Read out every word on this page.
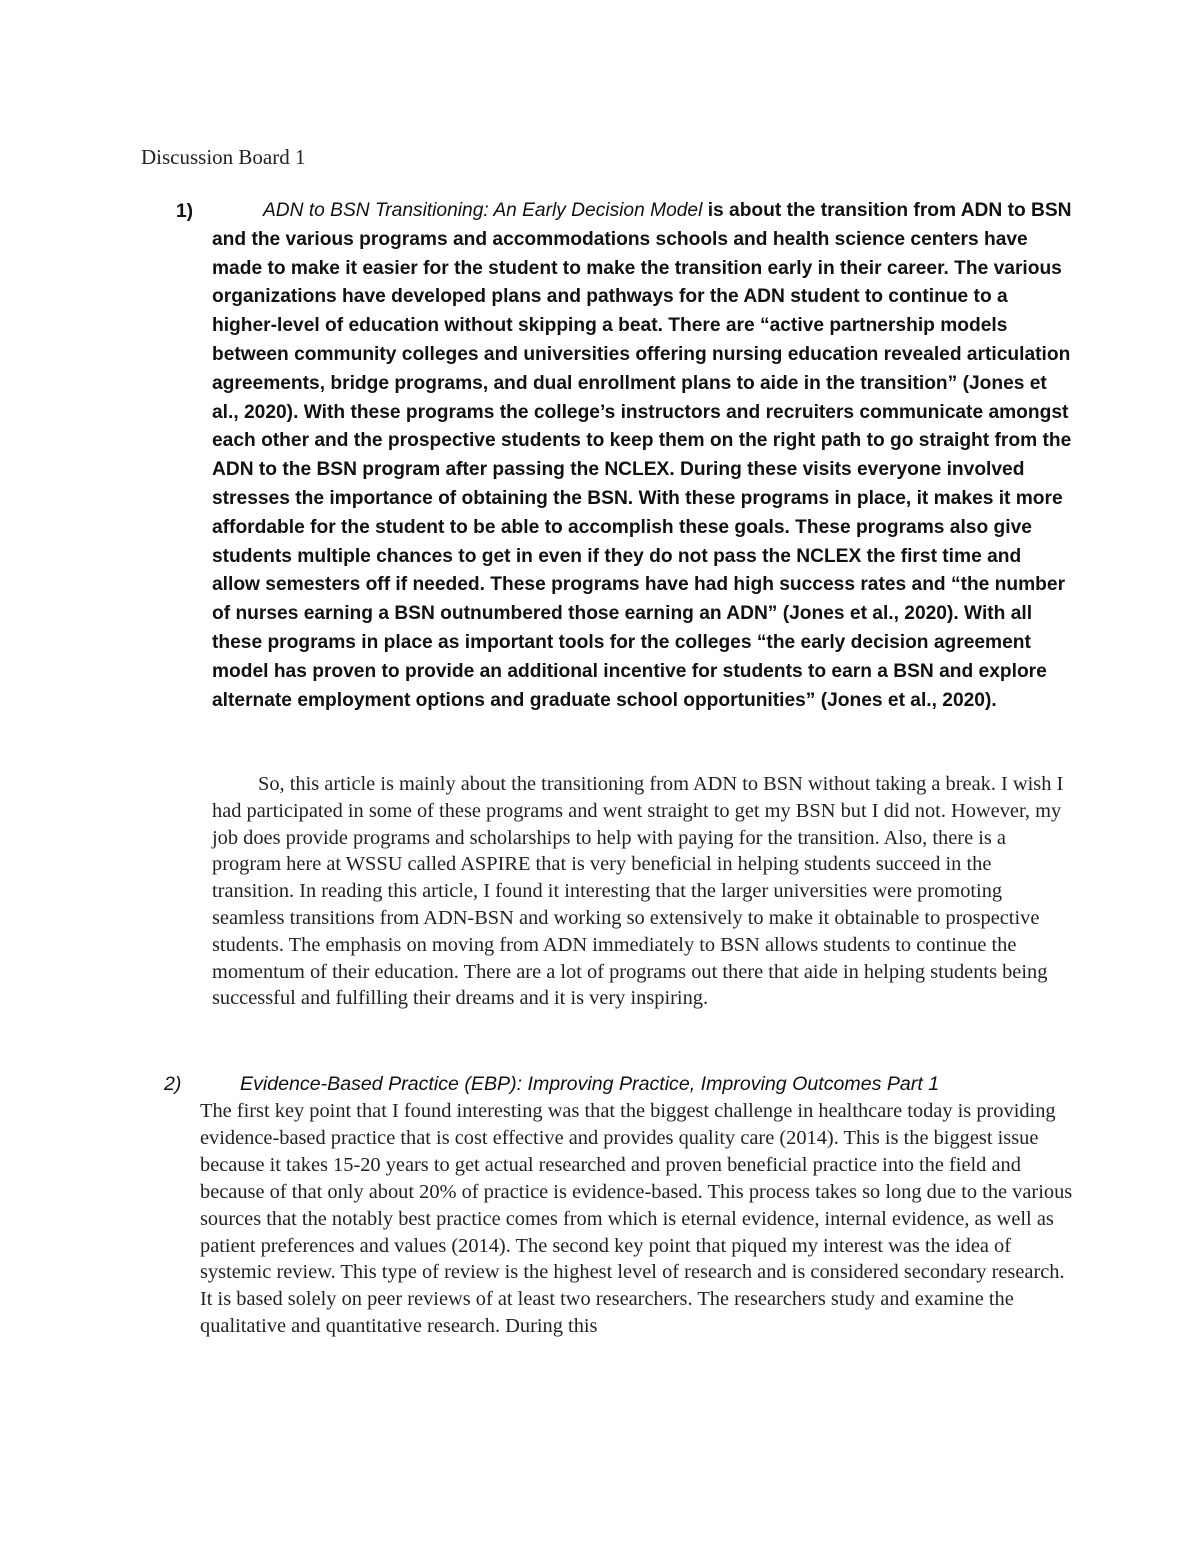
Discussion Board 1
1)	ADN to BSN Transitioning: An Early Decision Model is about the transition from ADN to BSN and the various programs and accommodations schools and health science centers have made to make it easier for the student to make the transition early in their career. The various organizations have developed plans and pathways for the ADN student to continue to a higher-level of education without skipping a beat. There are “active partnership models between community colleges and universities offering nursing education revealed articulation agreements, bridge programs, and dual enrollment plans to aide in the transition” (Jones et al., 2020). With these programs the college’s instructors and recruiters communicate amongst each other and the prospective students to keep them on the right path to go straight from the ADN to the BSN program after passing the NCLEX. During these visits everyone involved stresses the importance of obtaining the BSN. With these programs in place, it makes it more affordable for the student to be able to accomplish these goals. These programs also give students multiple chances to get in even if they do not pass the NCLEX the first time and allow semesters off if needed. These programs have had high success rates and “the number of nurses earning a BSN outnumbered those earning an ADN” (Jones et al., 2020). With all these programs in place as important tools for the colleges “the early decision agreement model has proven to provide an additional incentive for students to earn a BSN and explore alternate employment options and graduate school opportunities” (Jones et al., 2020).
So, this article is mainly about the transitioning from ADN to BSN without taking a break. I wish I had participated in some of these programs and went straight to get my BSN but I did not. However, my job does provide programs and scholarships to help with paying for the transition. Also, there is a program here at WSSU called ASPIRE that is very beneficial in helping students succeed in the transition. In reading this article, I found it interesting that the larger universities were promoting seamless transitions from ADN-BSN and working so extensively to make it obtainable to prospective students. The emphasis on moving from ADN immediately to BSN allows students to continue the momentum of their education. There are a lot of programs out there that aide in helping students being successful and fulfilling their dreams and it is very inspiring.
2)	Evidence-Based Practice (EBP): Improving Practice, Improving Outcomes Part 1
The first key point that I found interesting was that the biggest challenge in healthcare today is providing evidence-based practice that is cost effective and provides quality care (2014). This is the biggest issue because it takes 15-20 years to get actual researched and proven beneficial practice into the field and because of that only about 20% of practice is evidence-based. This process takes so long due to the various sources that the notably best practice comes from which is eternal evidence, internal evidence, as well as patient preferences and values (2014). The second key point that piqued my interest was the idea of systemic review. This type of review is the highest level of research and is considered secondary research. It is based solely on peer reviews of at least two researchers. The researchers study and examine the qualitative and quantitative research. During this
